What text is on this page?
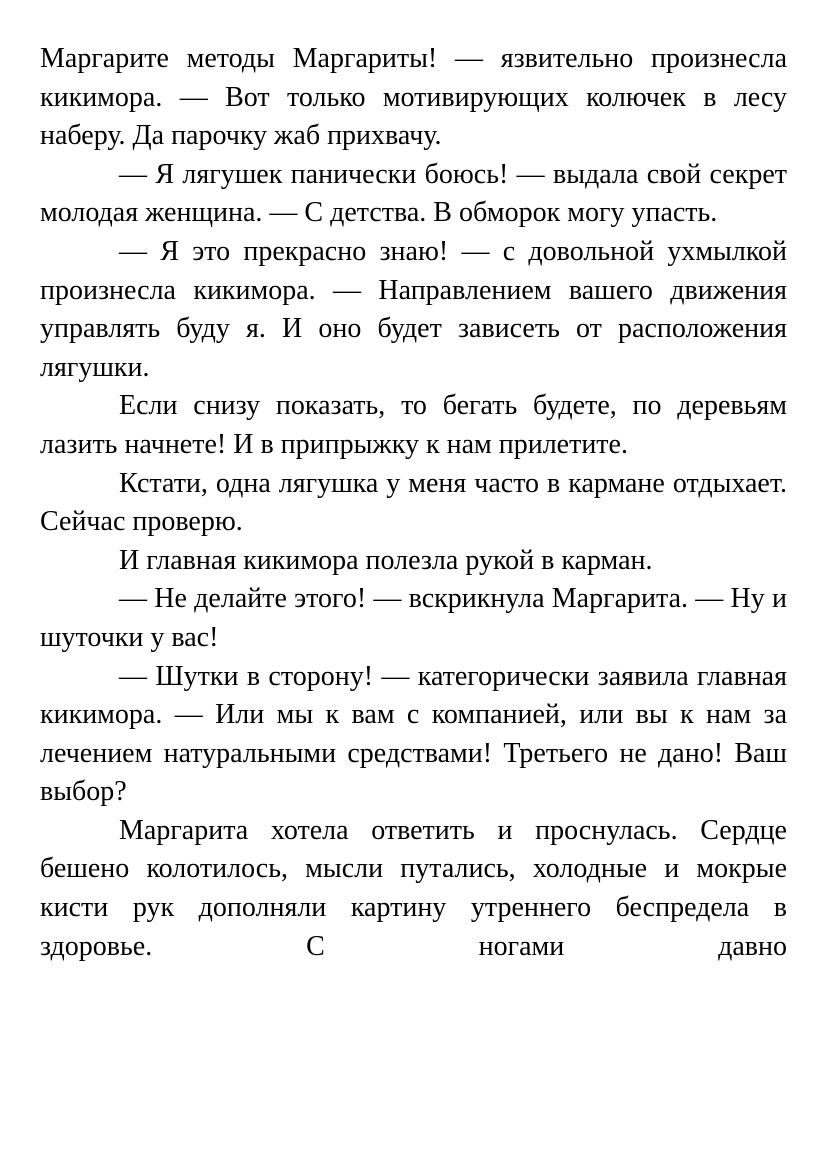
Маргарите методы Маргариты! — язвительно произнесла кикимора. — Вот только мотивирующих колючек в лесу наберу. Да парочку жаб прихвачу.

— Я лягушек панически боюсь! — выдала свой секрет молодая женщина. — С детства. В обморок могу упасть.

— Я это прекрасно знаю! — с довольной ухмылкой произнесла кикимора. — Направлением вашего движения управлять буду я. И оно будет зависеть от расположения лягушки.

Если снизу показать, то бегать будете, по деревьям лазить начнете! И в припрыжку к нам прилетите.

Кстати, одна лягушка у меня часто в кармане отдыхает. Сейчас проверю.

И главная кикимора полезла рукой в карман.

— Не делайте этого! — вскрикнула Маргарита. — Ну и шуточки у вас!

— Шутки в сторону! — категорически заявила главная кикимора. — Или мы к вам с компанией, или вы к нам за лечением натуральными средствами! Третьего не дано! Ваш выбор?

Маргарита хотела ответить и проснулась. Сердце бешено колотилось, мысли путались, холодные и мокрые кисти рук дополняли картину утреннего беспредела в здоровье. С ногами давно
